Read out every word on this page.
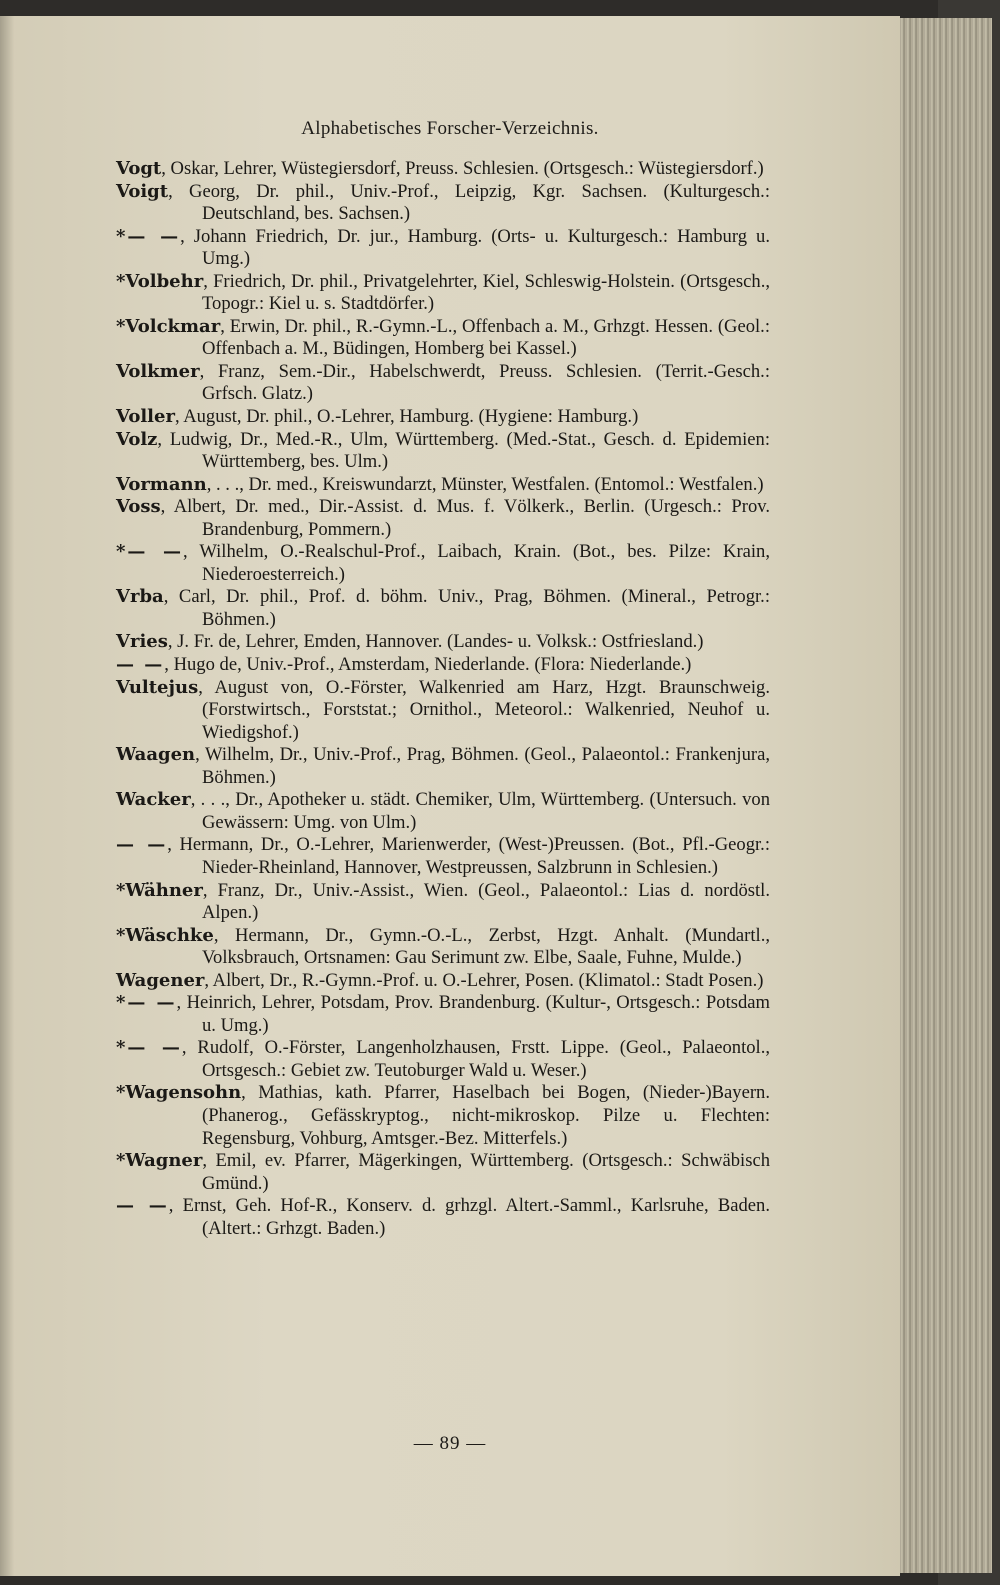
Alphabetisches Forscher-Verzeichnis.
Vogt, Oskar, Lehrer, Wüstegiersdorf, Preuss. Schlesien. (Ortsgesch.: Wüstegiersdorf.)
Voigt, Georg, Dr. phil., Univ.-Prof., Leipzig, Kgr. Sachsen. (Kulturgesch.: Deutschland, bes. Sachsen.)
*— —, Johann Friedrich, Dr. jur., Hamburg. (Orts- u. Kulturgesch.: Hamburg u. Umg.)
*Volbehr, Friedrich, Dr. phil., Privatgelehrter, Kiel, Schleswig-Holstein. (Ortsgesch., Topogr.: Kiel u. s. Stadtdörfer.)
*Volckmar, Erwin, Dr. phil., R.-Gymn.-L., Offenbach a. M., Grhzgt. Hessen. (Geol.: Offenbach a. M., Büdingen, Homberg bei Kassel.)
Volkmer, Franz, Sem.-Dir., Habelschwerdt, Preuss. Schlesien. (Territ.-Gesch.: Grfsch. Glatz.)
Voller, August, Dr. phil., O.-Lehrer, Hamburg. (Hygiene: Hamburg.)
Volz, Ludwig, Dr., Med.-R., Ulm, Württemberg. (Med.-Stat., Gesch. d. Epidemien: Württemberg, bes. Ulm.)
Vormann, . . ., Dr. med., Kreiswundarzt, Münster, Westfalen. (Entomol.: Westfalen.)
Voss, Albert, Dr. med., Dir.-Assist. d. Mus. f. Völkerk., Berlin. (Urgesch.: Prov. Brandenburg, Pommern.)
*— —, Wilhelm, O.-Realschul-Prof., Laibach, Krain. (Bot., bes. Pilze: Krain, Niederoesterreich.)
Vrba, Carl, Dr. phil., Prof. d. böhm. Univ., Prag, Böhmen. (Mineral., Petrogr.: Böhmen.)
Vries, J. Fr. de, Lehrer, Emden, Hannover. (Landes- u. Volksk.: Ostfriesland.)
— —, Hugo de, Univ.-Prof., Amsterdam, Niederlande. (Flora: Niederlande.)
Vultejus, August von, O.-Förster, Walkenried am Harz, Hzgt. Braunschweig. (Forstwirtsch., Forststat.; Ornithol., Meteorol.: Walkenried, Neuhof u. Wiedigshof.)
Waagen, Wilhelm, Dr., Univ.-Prof., Prag, Böhmen. (Geol., Palaeontol.: Frankenjura, Böhmen.)
Wacker, . . ., Dr., Apotheker u. städt. Chemiker, Ulm, Württemberg. (Untersuch. von Gewässern: Umg. von Ulm.)
— —, Hermann, Dr., O.-Lehrer, Marienwerder, (West-)Preussen. (Bot., Pfl.-Geogr.: Nieder-Rheinland, Hannover, Westpreussen, Salzbrunn in Schlesien.)
*Wähner, Franz, Dr., Univ.-Assist., Wien. (Geol., Palaeontol.: Lias d. nordöstl. Alpen.)
*Wäschke, Hermann, Dr., Gymn.-O.-L., Zerbst, Hzgt. Anhalt. (Mundartl., Volksbrauch, Ortsnamen: Gau Serimunt zw. Elbe, Saale, Fuhne, Mulde.)
Wagener, Albert, Dr., R.-Gymn.-Prof. u. O.-Lehrer, Posen. (Klimatol.: Stadt Posen.)
*— —, Heinrich, Lehrer, Potsdam, Prov. Brandenburg. (Kultur-, Ortsgesch.: Potsdam u. Umg.)
*— —, Rudolf, O.-Förster, Langenholzhausen, Frstt. Lippe. (Geol., Palaeontol., Ortsgesch.: Gebiet zw. Teutoburger Wald u. Weser.)
*Wagensohn, Mathias, kath. Pfarrer, Haselbach bei Bogen, (Nieder-)Bayern. (Phanerog., Gefässkryptog., nicht-mikroskop. Pilze u. Flechten: Regensburg, Vohburg, Amtsger.-Bez. Mitterfels.)
*Wagner, Emil, ev. Pfarrer, Mägerkingen, Württemberg. (Ortsgesch.: Schwäbisch Gmünd.)
— —, Ernst, Geh. Hof-R., Konserv. d. grhzgl. Altert.-Samml., Karlsruhe, Baden. (Altert.: Grhzgt. Baden.)
— 89 —
